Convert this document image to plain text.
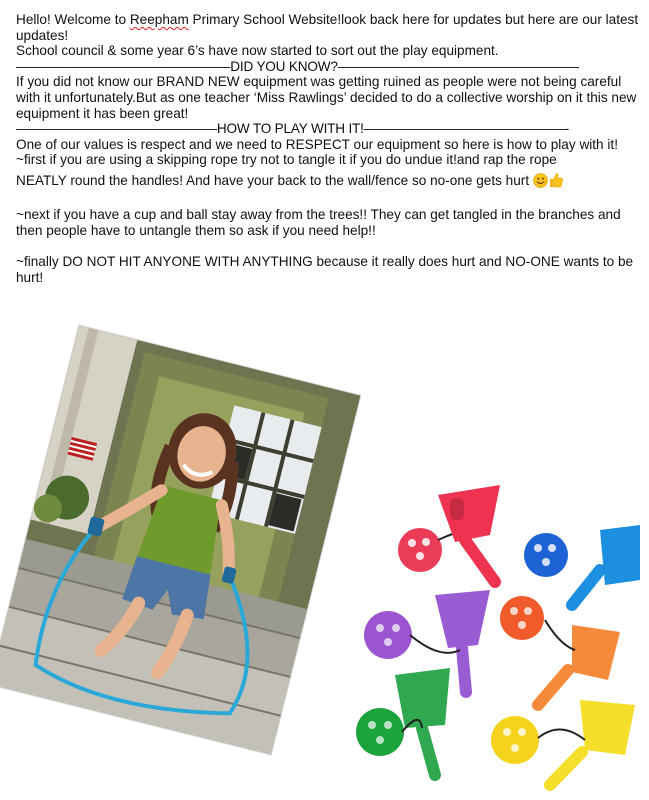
Hello! Welcome to Reepham Primary School Website!look back here for updates but here are our latest updates!

School council & some year 6’s have now started to sort out the play equipment.

————————————————DID YOU KNOW?——————————————————

If you did not know our BRAND NEW equipment was getting ruined as people were not being careful with it unfortunately.But as one teacher ‘Miss Rawlings’ decided to do a collective worship on it this new equipment it has been great!

———————————————HOW TO PLAY WITH IT!———————————————-

One of our values is respect and we need to RESPECT our equipment so here is how to play with it!

~first if you are using a skipping rope try not to tangle it if you do undue it!and rap the rope

NEATLY round the handles! And have your back to the wall/fence so no-one gets hurt

~next if you have a cup and ball stay away from the trees!! They can get tangled in the branches and then people have to untangle them so ask if you need help!!

~finally DO NOT HIT ANYONE WITH ANYTHING because it really does hurt and NO-ONE wants to be hurt!
